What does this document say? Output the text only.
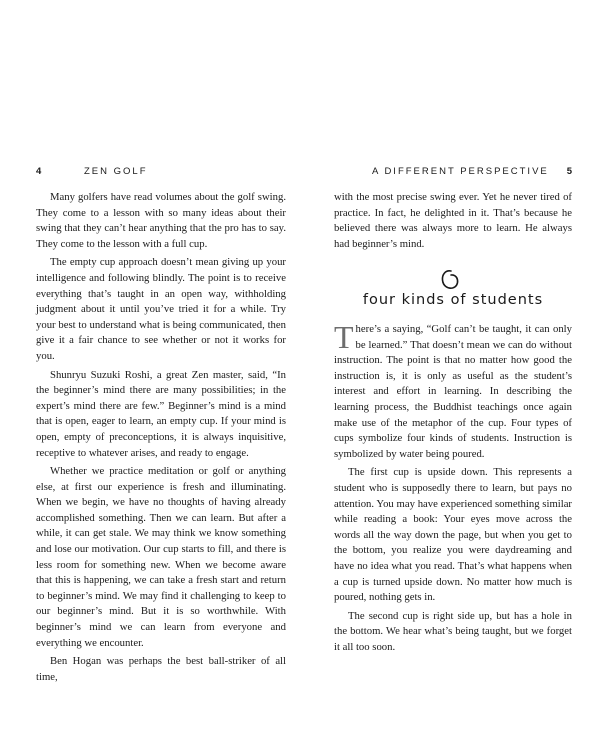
4	ZEN GOLF

Many golfers have read volumes about the golf swing. They come to a lesson with so many ideas about their swing that they can’t hear anything that the pro has to say. They come to the lesson with a full cup.

The empty cup approach doesn’t mean giving up your intelligence and following blindly. The point is to receive everything that’s taught in an open way, withholding judgment about it until you’ve tried it for a while. Try your best to understand what is being communicated, then give it a fair chance to see whether or not it works for you.

Shunryu Suzuki Roshi, a great Zen master, said, “In the beginner’s mind there are many possibilities; in the expert’s mind there are few.” Beginner’s mind is a mind that is open, eager to learn, an empty cup. If your mind is open, empty of preconceptions, it is always inquisitive, receptive to whatever arises, and ready to engage.

Whether we practice meditation or golf or anything else, at first our experience is fresh and illuminating. When we begin, we have no thoughts of having already accomplished something. Then we can learn. But after a while, it can get stale. We may think we know something and lose our motivation. Our cup starts to fill, and there is less room for something new. When we become aware that this is happening, we can take a fresh start and return to beginner’s mind. We may find it challenging to keep to our beginner’s mind. But it is so worthwhile. With beginner’s mind we can learn from everyone and everything we encounter.

Ben Hogan was perhaps the best ball-striker of all time,

A DIFFERENT PERSPECTIVE 5

with the most precise swing ever. Yet he never tired of practice. In fact, he delighted in it. That’s because he believed there was always more to learn. He always had beginner’s mind.

four kinds of students

There’s a saying, “Golf can’t be taught, it can only be learned.” That doesn’t mean we can do without instruction. The point is that no matter how good the instruction is, it is only as useful as the student’s interest and effort in learning. In describing the learning process, the Buddhist teachings once again make use of the metaphor of the cup. Four types of cups symbolize four kinds of students. Instruction is symbolized by water being poured.

The first cup is upside down. This represents a student who is supposedly there to learn, but pays no attention. You may have experienced something similar while reading a book: Your eyes move across the words all the way down the page, but when you get to the bottom, you realize you were daydreaming and have no idea what you read. That’s what happens when a cup is turned upside down. No matter how much is poured, nothing gets in.

The second cup is right side up, but has a hole in the bottom. We hear what’s being taught, but we forget it all too soon.
